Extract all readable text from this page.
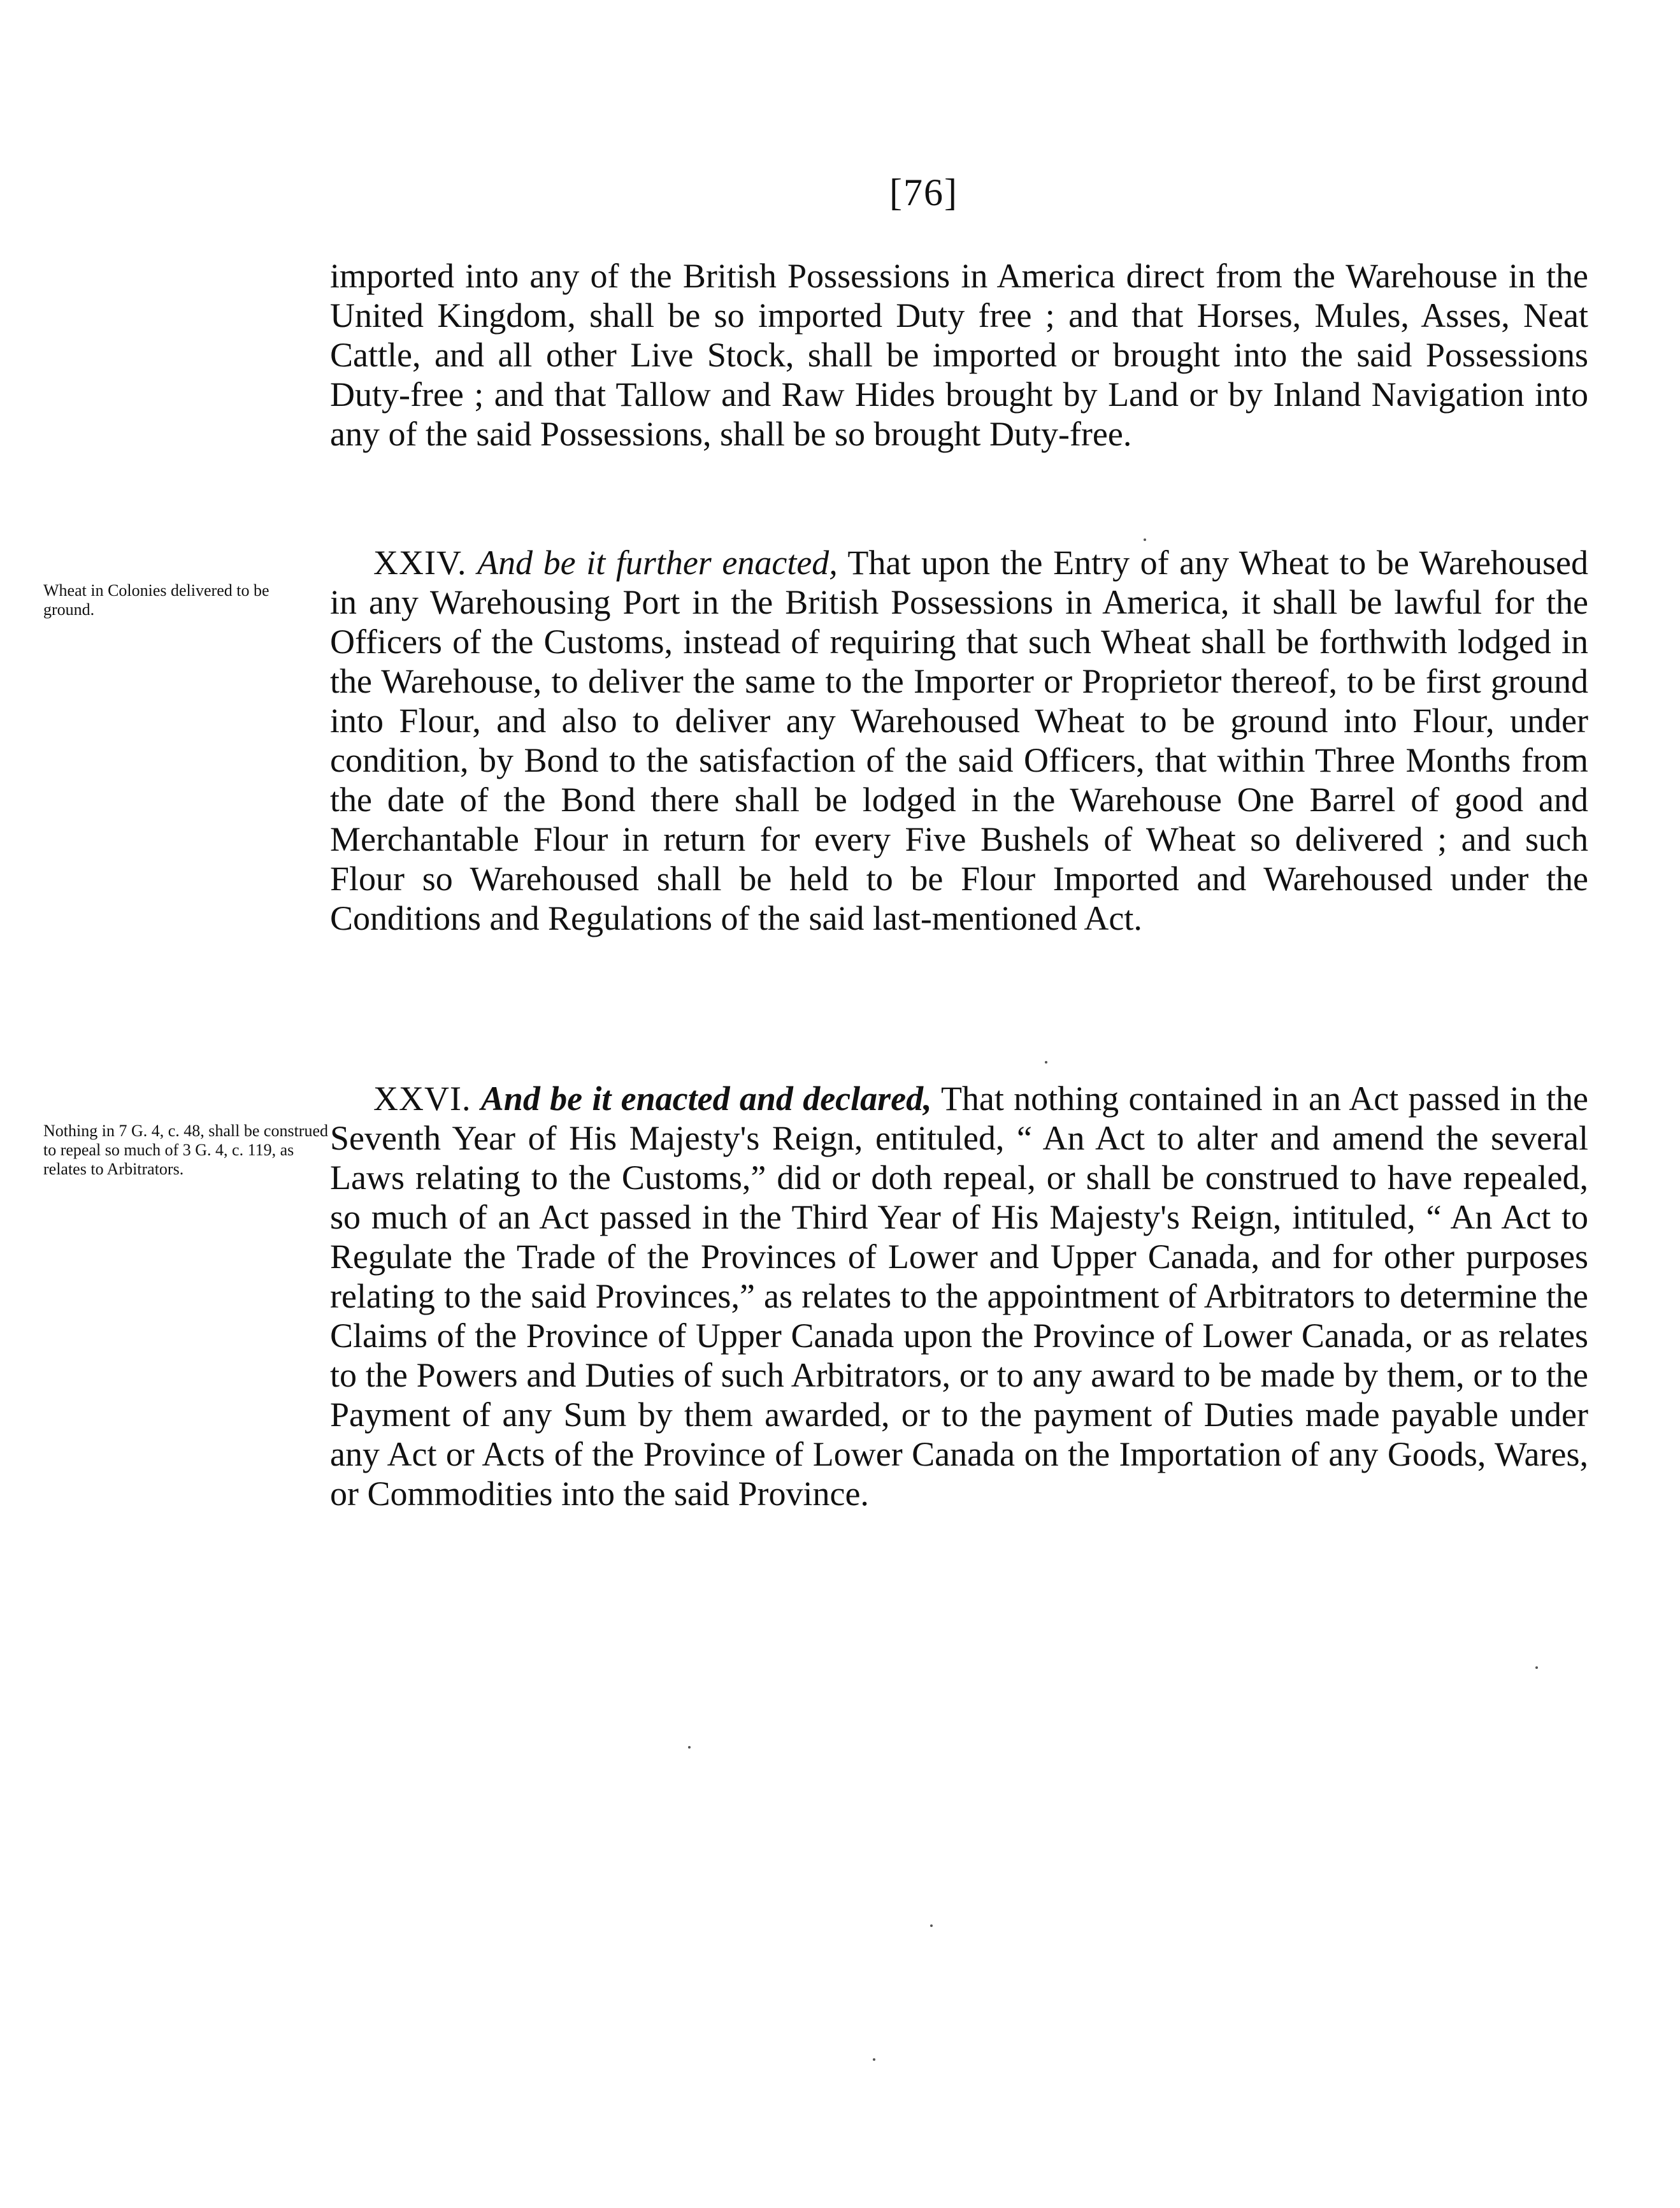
[76]

imported into any of the British Possessions in America direct from the Warehouse in the United Kingdom, shall be so imported Duty free ; and that Horses, Mules, Asses, Neat Cattle, and all other Live Stock, shall be imported or brought into the said Possessions Duty-free ; and that Tallow and Raw Hides brought by Land or by Inland Navigation into any of the said Possessions, shall be so brought Duty-free.

Wheat in Colonies delivered to be ground.

XXIV. And be it further enacted, That upon the Entry of any Wheat to be Warehoused in any Warehousing Port in the British Possessions in America, it shall be lawful for the Officers of the Customs, instead of requiring that such Wheat shall be forthwith lodged in the Warehouse, to deliver the same to the Importer or Proprietor thereof, to be first ground into Flour, and also to deliver any Warehoused Wheat to be ground into Flour, under condition, by Bond to the satisfaction of the said Officers, that within Three Months from the date of the Bond there shall be lodged in the Warehouse One Barrel of good and Merchantable Flour in return for every Five Bushels of Wheat so delivered ; and such Flour so Warehoused shall be held to be Flour Imported and Warehoused under the Conditions and Regulations of the said last-mentioned Act.

Nothing in 7 G. 4, c. 48, shall be construed to repeal so much of 3 G. 4, c. 119, as relates to Arbitrators.

XXVI. And be it enacted and declared, That nothing contained in an Act passed in the Seventh Year of His Majesty's Reign, entituled, “ An Act to alter and amend the several Laws relating to the Customs,” did or doth repeal, or shall be construed to have repealed, so much of an Act passed in the Third Year of His Majesty's Reign, intituled, “ An Act to Regulate the Trade of the Provinces of Lower and Upper Canada, and for other purposes relating to the said Provinces,” as relates to the appointment of Arbitrators to determine the Claims of the Province of Upper Canada upon the Province of Lower Canada, or as relates to the Powers and Duties of such Arbitrators, or to any award to be made by them, or to the Payment of any Sum by them awarded, or to the payment of Duties made payable under any Act or Acts of the Province of Lower Canada on the Importation of any Goods, Wares, or Commodities into the said Province.
